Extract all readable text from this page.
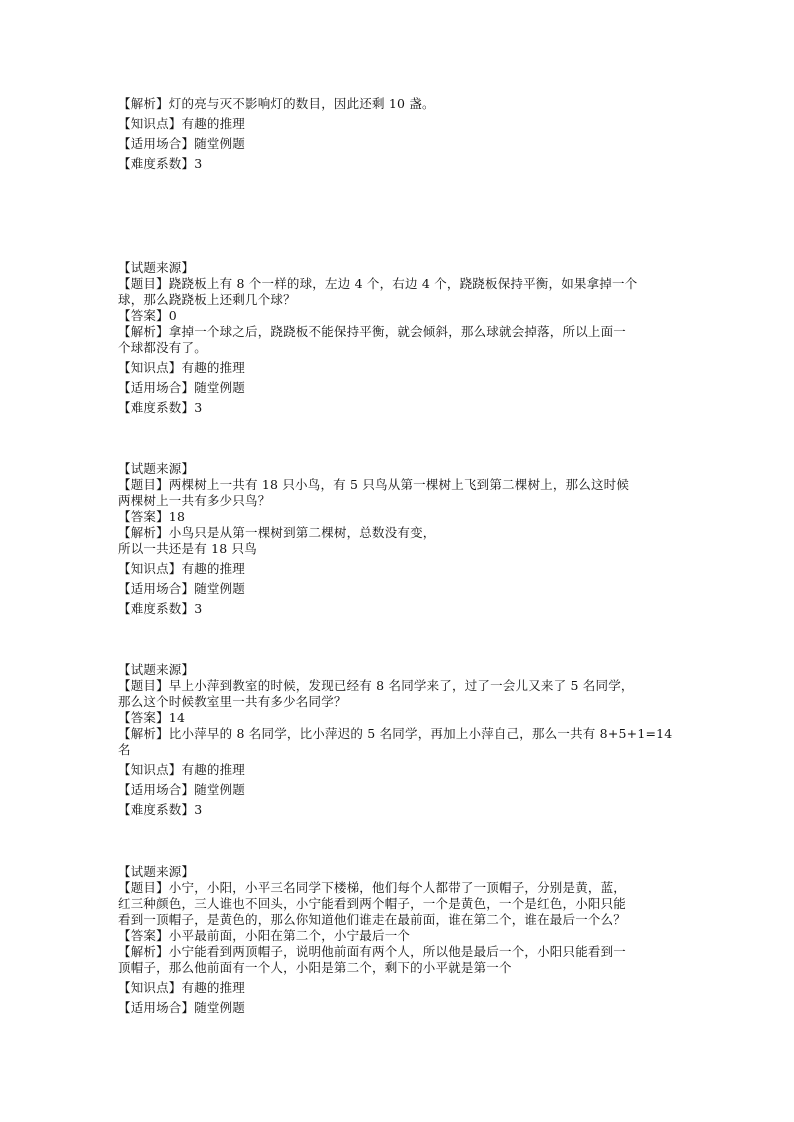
【解析】灯的亮与灭不影响灯的数目，因此还剩 10 盏。
【知识点】有趣的推理
【适用场合】随堂例题
【难度系数】3
【试题来源】
【题目】跷跷板上有 8 个一样的球，左边 4 个，右边 4 个，跷跷板保持平衡，如果拿掉一个
球，那么跷跷板上还剩几个球？
【答案】0
【解析】拿掉一个球之后，跷跷板不能保持平衡，就会倾斜，那么球就会掉落，所以上面一
个球都没有了。
【知识点】有趣的推理
【适用场合】随堂例题
【难度系数】3
【试题来源】
【题目】两棵树上一共有 18 只小鸟，有 5 只鸟从第一棵树上飞到第二棵树上，那么这时候
两棵树上一共有多少只鸟？
【答案】18
【解析】小鸟只是从第一棵树到第二棵树，总数没有变，
所以一共还是有 18 只鸟
【知识点】有趣的推理
【适用场合】随堂例题
【难度系数】3
【试题来源】
【题目】早上小萍到教室的时候，发现已经有 8 名同学来了，过了一会儿又来了 5 名同学，
那么这个时候教室里一共有多少名同学？
【答案】14
【解析】比小萍早的 8 名同学，比小萍迟的 5 名同学，再加上小萍自己，那么一共有 8+5+1=14
名
【知识点】有趣的推理
【适用场合】随堂例题
【难度系数】3
【试题来源】
【题目】小宁，小阳，小平三名同学下楼梯，他们每个人都带了一顶帽子，分别是黄，蓝，
红三种颜色，三人谁也不回头，小宁能看到两个帽子，一个是黄色，一个是红色，小阳只能
看到一顶帽子，是黄色的，那么你知道他们谁走在最前面，谁在第二个，谁在最后一个么？
【答案】小平最前面，小阳在第二个，小宁最后一个
【解析】小宁能看到两顶帽子，说明他前面有两个人，所以他是最后一个，小阳只能看到一
顶帽子，那么他前面有一个人，小阳是第二个，剩下的小平就是第一个
【知识点】有趣的推理
【适用场合】随堂例题
